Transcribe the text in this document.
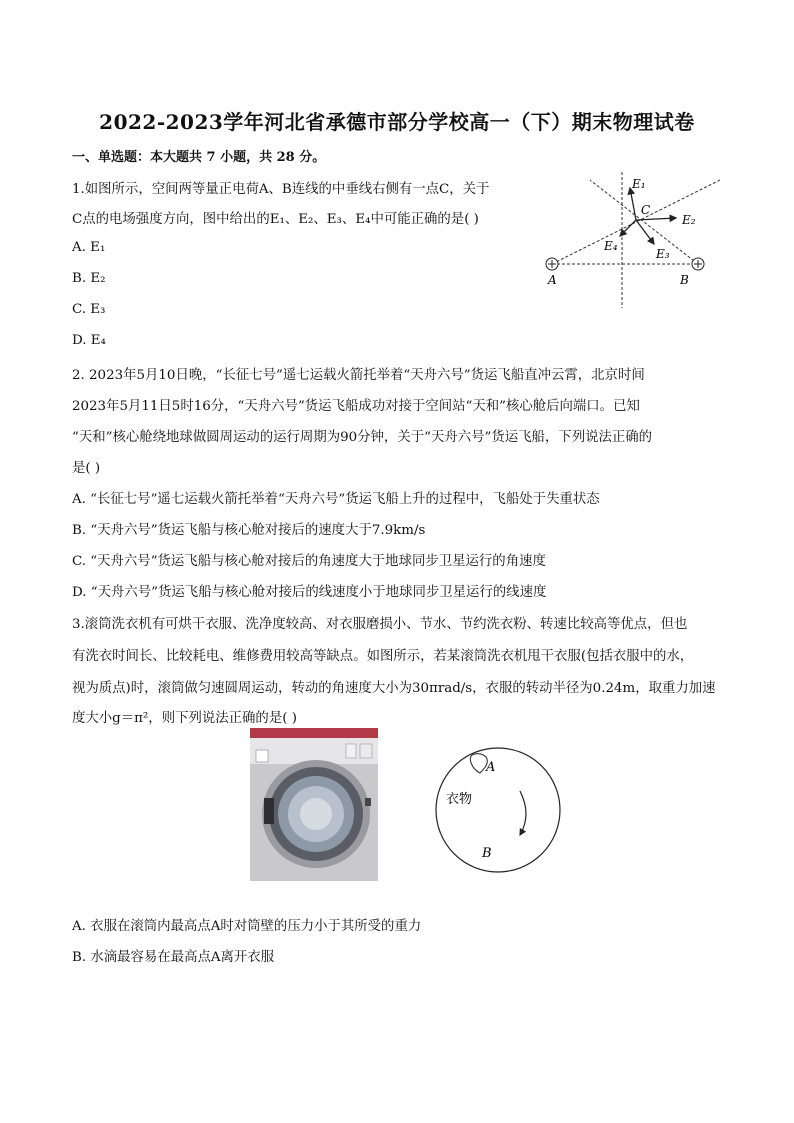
2022-2023学年河北省承德市部分学校高一（下）期末物理试卷
一、单选题：本大题共 7 小题，共 28 分。
1.如图所示，空间两等量正电荷A、B连线的中垂线右侧有一点C，关于
C点的电场强度方向，图中给出的E₁、E₂、E₃、E₄中可能正确的是( )
A. E₁
B. E₂
C. E₃
D. E₄
E₁
C
E₂
E₃
E₄
A	B
2. 2023年5月10日晚，“长征七号”遥七运载火箭托举着“天舟六号”货运飞船直冲云霄，北京时间
2023年5月11日5时16分，“天舟六号”货运飞船成功对接于空间站“天和”核心舱后向端口。已知
“天和”核心舱绕地球做圆周运动的运行周期为90分钟，关于“天舟六号”货运飞船，下列说法正确的
是( )
A. “长征七号”遥七运载火箭托举着“天舟六号”货运飞船上升的过程中，飞船处于失重状态
B. “天舟六号”货运飞船与核心舱对接后的速度大于7.9km/s
C. “天舟六号”货运飞船与核心舱对接后的角速度大于地球同步卫星运行的角速度
D. “天舟六号”货运飞船与核心舱对接后的线速度小于地球同步卫星运行的线速度
3.滚筒洗衣机有可烘干衣服、洗净度较高、对衣服磨损小、节水、节约洗衣粉、转速比较高等优点，但也
有洗衣时间长、比较耗电、维修费用较高等缺点。如图所示，若某滚筒洗衣机甩干衣服(包括衣服中的水，
视为质点)时，滚筒做匀速圆周运动，转动的角速度大小为30πrad/s，衣服的转动半径为0.24m，取重力加速
度大小g＝π²，则下列说法正确的是( )
A
衣物
B
A. 衣服在滚筒内最高点A时对筒壁的压力小于其所受的重力
B. 水滴最容易在最高点A离开衣服
